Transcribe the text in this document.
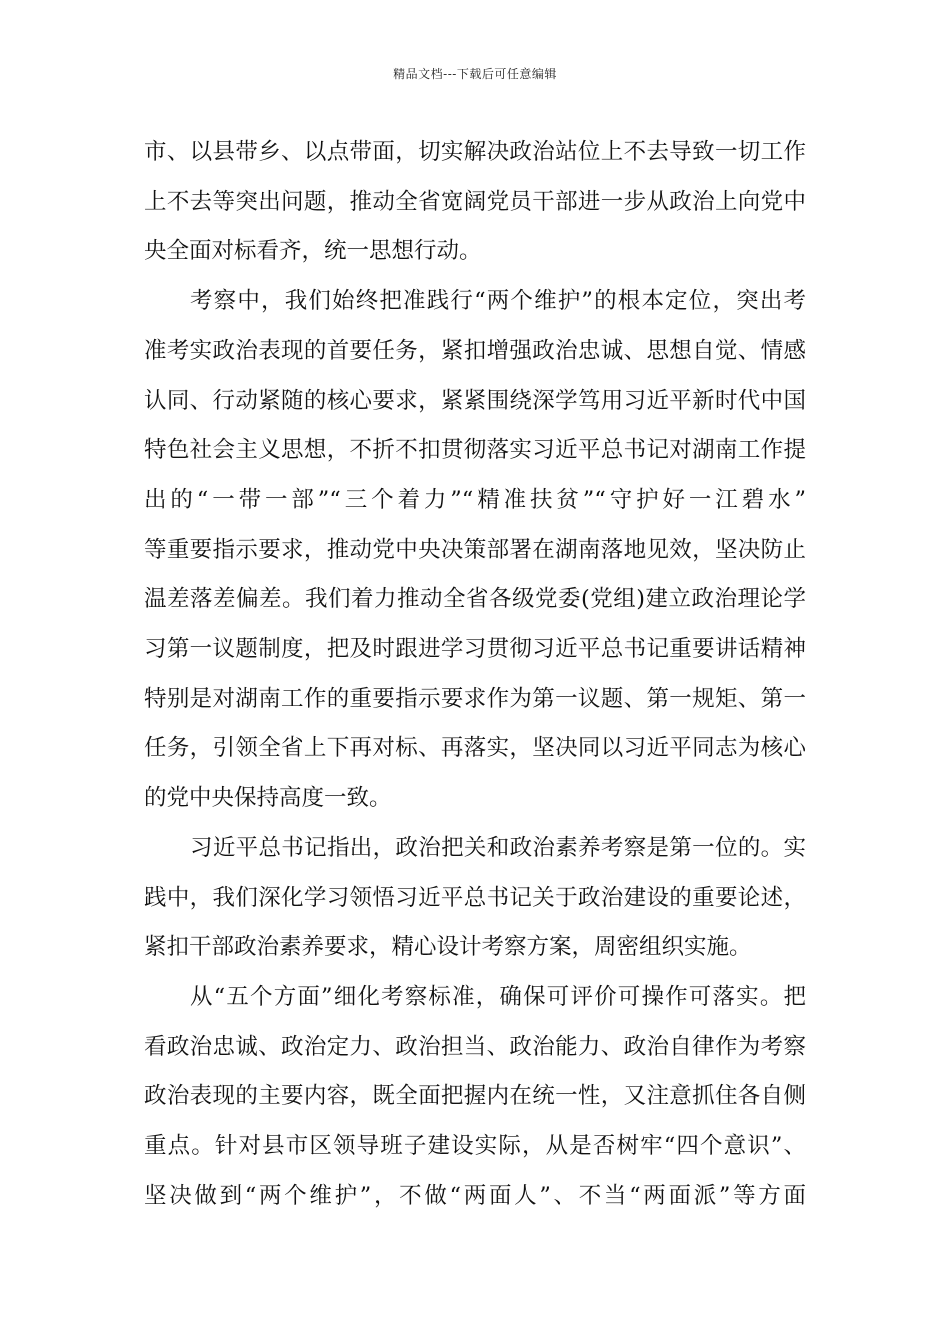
精品文档---下载后可任意编辑
市、以县带乡、以点带面，切实解决政治站位上不去导致一切工作
上不去等突出问题，推动全省宽阔党员干部进一步从政治上向党中
央全面对标看齐，统一思想行动。
考察中，我们始终把准践行“两个维护”的根本定位，突出考
准考实政治表现的首要任务，紧扣增强政治忠诚、思想自觉、情感
认同、行动紧随的核心要求，紧紧围绕深学笃用习近平新时代中国
特色社会主义思想，不折不扣贯彻落实习近平总书记对湖南工作提
出的“一带一部”“三个着力”“精准扶贫”“守护好一江碧水”
等重要指示要求，推动党中央决策部署在湖南落地见效，坚决防止
温差落差偏差。我们着力推动全省各级党委(党组)建立政治理论学
习第一议题制度，把及时跟进学习贯彻习近平总书记重要讲话精神
特别是对湖南工作的重要指示要求作为第一议题、第一规矩、第一
任务，引领全省上下再对标、再落实，坚决同以习近平同志为核心
的党中央保持高度一致。
习近平总书记指出，政治把关和政治素养考察是第一位的。实
践中，我们深化学习领悟习近平总书记关于政治建设的重要论述，
紧扣干部政治素养要求，精心设计考察方案，周密组织实施。
从“五个方面”细化考察标准，确保可评价可操作可落实。把
看政治忠诚、政治定力、政治担当、政治能力、政治自律作为考察
政治表现的主要内容，既全面把握内在统一性，又注意抓住各自侧
重点。针对县市区领导班子建设实际，从是否树牢“四个意识”、
坚决做到“两个维护”，不做“两面人”、不当“两面派”等方面
